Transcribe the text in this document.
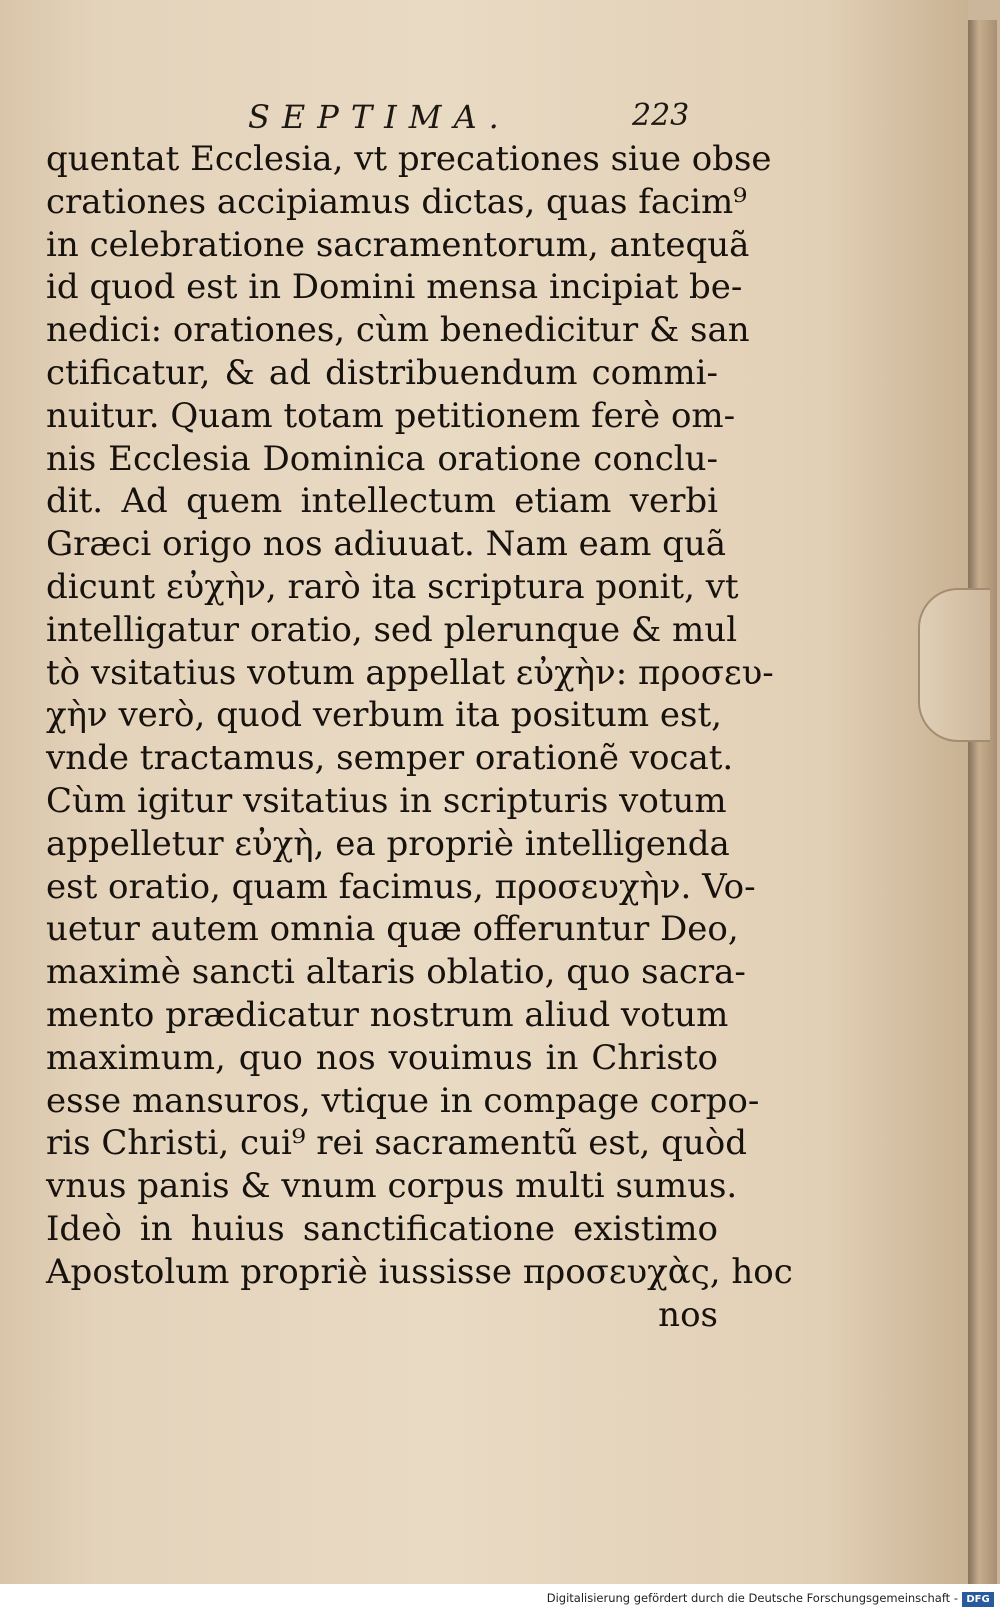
SEPTIMA.	223
quentat Ecclesia, vt precationes siue obse
crationes accipiamus dictas, quas facim⁹
in celebratione sacramentorum, antequã
id quod est in Domini mensa incipiat be-
nedici: orationes, cùm benedicitur & san
ctificatur, & ad distribuendum commi-
nuitur. Quam totam petitionem ferè om-
nis Ecclesia Dominica oratione conclu-
dit. Ad quem intellectum etiam verbi
Græci origo nos adiuuat. Nam eam quã
dicunt εὐχὴν, rarò ita scriptura ponit, vt
intelligatur oratio, sed plerunque & mul
tò vsitatius votum appellat εὐχὴν: προσευ-
χὴν verò, quod verbum ita positum est,
vnde tractamus, semper orationẽ vocat.
Cùm igitur vsitatius in scripturis votum
appelletur εὐχὴ, ea propriè intelligenda
est oratio, quam facimus, προσευχὴν. Vo-
uetur autem omnia quæ offeruntur Deo,
maximè sancti altaris oblatio, quo sacra-
mento prædicatur nostrum aliud votum
maximum, quo nos vouimus in Christo
esse mansuros, vtique in compage corpo-
ris Christi, cui⁹ rei sacramentũ est, quòd
vnus panis & vnum corpus multi sumus.
Ideò in huius sanctificatione existimo
Apostolum propriè iussisse προσευχὰς, hoc
nos
Digitalisierung gefördert durch die Deutsche Forschungsgemeinschaft - DFG
